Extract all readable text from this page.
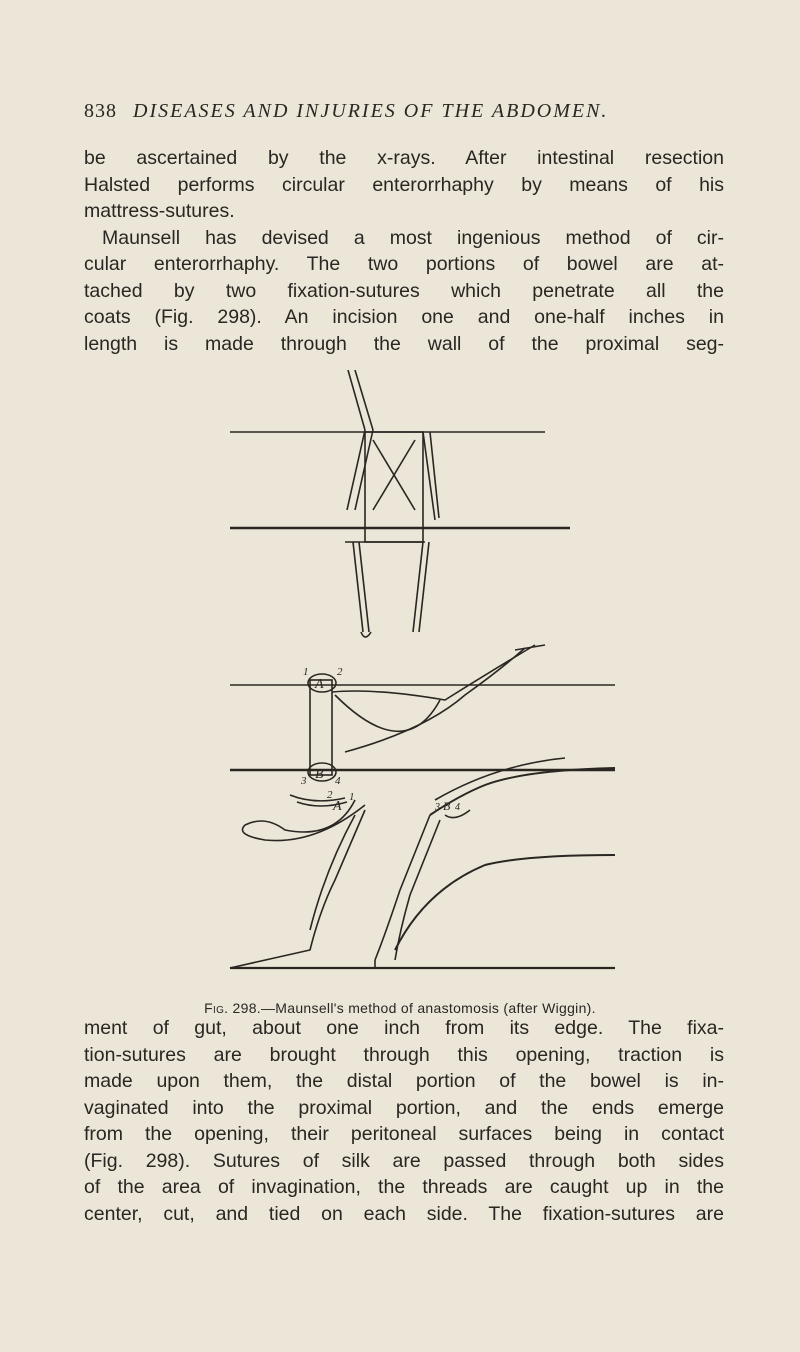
838 DISEASES AND INJURIES OF THE ABDOMEN.
be ascertained by the x-rays. After intestinal resection
Halsted performs circular enterorrhaphy by means of his
mattress-sutures.
Maunsell has devised a most ingenious method of cir-
cular enterorrhaphy. The two portions of bowel are at-
tached by two fixation-sutures which penetrate all the
coats (Fig. 298). An incision one and one-half inches in
length is made through the wall of the proximal seg-
A
B
1	2
3	4
A
2 1
B
3 4
Fig. 298.—Maunsell's method of anastomosis (after Wiggin).
ment of gut, about one inch from its edge. The fixa-
tion-sutures are brought through this opening, traction is
made upon them, the distal portion of the bowel is in-
vaginated into the proximal portion, and the ends emerge
from the opening, their peritoneal surfaces being in contact
(Fig. 298). Sutures of silk are passed through both sides
of the area of invagination, the threads are caught up in the
center, cut, and tied on each side. The fixation-sutures are
